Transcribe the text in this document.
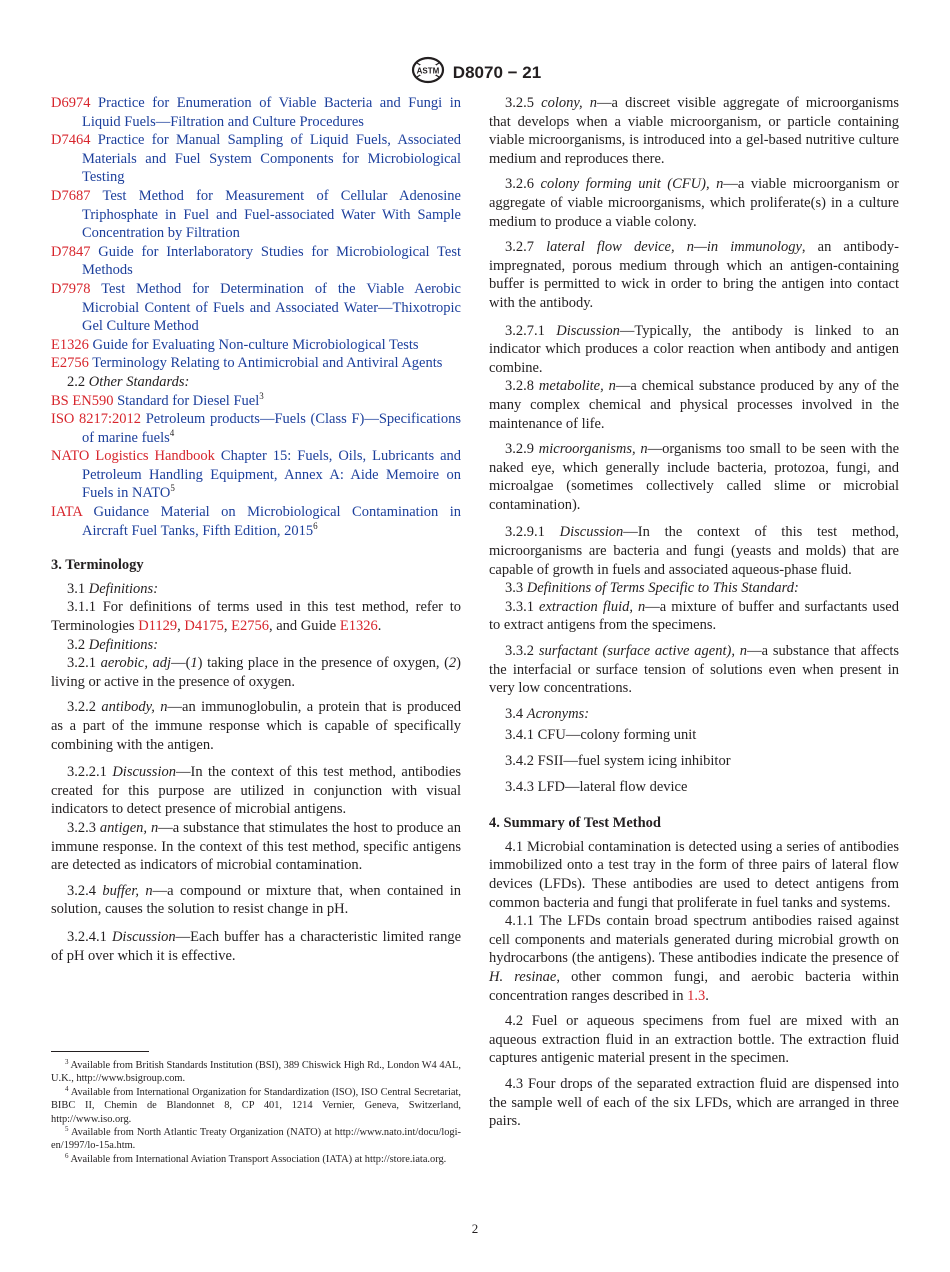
ASTM D8070 − 21

D6974 Practice for Enumeration of Viable Bacteria and Fungi in Liquid Fuels—Filtration and Culture Procedures

D7464 Practice for Manual Sampling of Liquid Fuels, Associated Materials and Fuel System Components for Microbiological Testing

D7687 Test Method for Measurement of Cellular Adenosine Triphosphate in Fuel and Fuel-associated Water With Sample Concentration by Filtration

D7847 Guide for Interlaboratory Studies for Microbiological Test Methods

D7978 Test Method for Determination of the Viable Aerobic Microbial Content of Fuels and Associated Water—Thixotropic Gel Culture Method

E1326 Guide for Evaluating Non-culture Microbiological Tests

E2756 Terminology Relating to Antimicrobial and Antiviral Agents

2.2 Other Standards:

BS EN590 Standard for Diesel Fuel$^3$

ISO 8217:2012 Petroleum products—Fuels (Class F)—Specifications of marine fuels$^4$

NATO Logistics Handbook Chapter 15: Fuels, Oils, Lubricants and Petroleum Handling Equipment, Annex A: Aide Memoire on Fuels in NATO$^5$

IATA Guidance Material on Microbiological Contamination in Aircraft Fuel Tanks, Fifth Edition, 2015$^6$

3. Terminology

3.1 Definitions:

3.1.1 For definitions of terms used in this test method, refer to Terminologies D1129, D4175, E2756, and Guide E1326.

3.2 Definitions:

3.2.1 aerobic, adj—(1) taking place in the presence of oxygen, (2) living or active in the presence of oxygen.

3.2.2 antibody, n—an immunoglobulin, a protein that is produced as a part of the immune response which is capable of specifically combining with the antigen.

3.2.2.1 Discussion—In the context of this test method, antibodies created for this purpose are utilized in conjunction with visual indicators to detect presence of microbial antigens.

3.2.3 antigen, n—a substance that stimulates the host to produce an immune response. In the context of this test method, specific antigens are detected as indicators of microbial contamination.

3.2.4 buffer, n—a compound or mixture that, when contained in solution, causes the solution to resist change in pH.

3.2.4.1 Discussion—Each buffer has a characteristic limited range of pH over which it is effective.

$^3$ Available from British Standards Institution (BSI), 389 Chiswick High Rd., London W4 4AL, U.K., http://www.bsigroup.com.

$^4$ Available from International Organization for Standardization (ISO), ISO Central Secretariat, BIBC II, Chemin de Blandonnet 8, CP 401, 1214 Vernier, Geneva, Switzerland, http://www.iso.org.

$^5$ Available from North Atlantic Treaty Organization (NATO) at http://www.nato.int/docu/logi-en/1997/lo-15a.htm.

$^6$ Available from International Aviation Transport Association (IATA) at http://store.iata.org.

3.2.5 colony, n—a discreet visible aggregate of microorganisms that develops when a viable microorganism, or particle containing viable microorganisms, is introduced into a gel-based nutritive culture medium and reproduces there.

3.2.6 colony forming unit (CFU), n—a viable microorganism or aggregate of viable microorganisms, which proliferate(s) in a culture medium to produce a viable colony.

3.2.7 lateral flow device, n—in immunology, an antibody-impregnated, porous medium through which an antigen-containing buffer is permitted to wick in order to bring the antigen into contact with the antibody.

3.2.7.1 Discussion—Typically, the antibody is linked to an indicator which produces a color reaction when antibody and antigen combine.

3.2.8 metabolite, n—a chemical substance produced by any of the many complex chemical and physical processes involved in the maintenance of life.

3.2.9 microorganisms, n—organisms too small to be seen with the naked eye, which generally include bacteria, protozoa, fungi, and microalgae (sometimes collectively called slime or microbial contamination).

3.2.9.1 Discussion—In the context of this test method, microorganisms are bacteria and fungi (yeasts and molds) that are capable of growth in fuels and associated aqueous-phase fluid.

3.3 Definitions of Terms Specific to This Standard:

3.3.1 extraction fluid, n—a mixture of buffer and surfactants used to extract antigens from the specimens.

3.3.2 surfactant (surface active agent), n—a substance that affects the interfacial or surface tension of solutions even when present in very low concentrations.

3.4 Acronyms:

3.4.1 CFU—colony forming unit

3.4.2 FSII—fuel system icing inhibitor

3.4.3 LFD—lateral flow device

4. Summary of Test Method

4.1 Microbial contamination is detected using a series of antibodies immobilized onto a test tray in the form of three pairs of lateral flow devices (LFDs). These antibodies are used to detect antigens from common bacteria and fungi that proliferate in fuel tanks and systems.

4.1.1 The LFDs contain broad spectrum antibodies raised against cell components and materials generated during microbial growth on hydrocarbons (the antigens). These antibodies indicate the presence of H. resinae, other common fungi, and aerobic bacteria within concentration ranges described in 1.3.

4.2 Fuel or aqueous specimens from fuel are mixed with an aqueous extraction fluid in an extraction bottle. The extraction fluid captures antigenic material present in the specimen.

4.3 Four drops of the separated extraction fluid are dispensed into the sample well of each of the six LFDs, which are arranged in three pairs.

2
